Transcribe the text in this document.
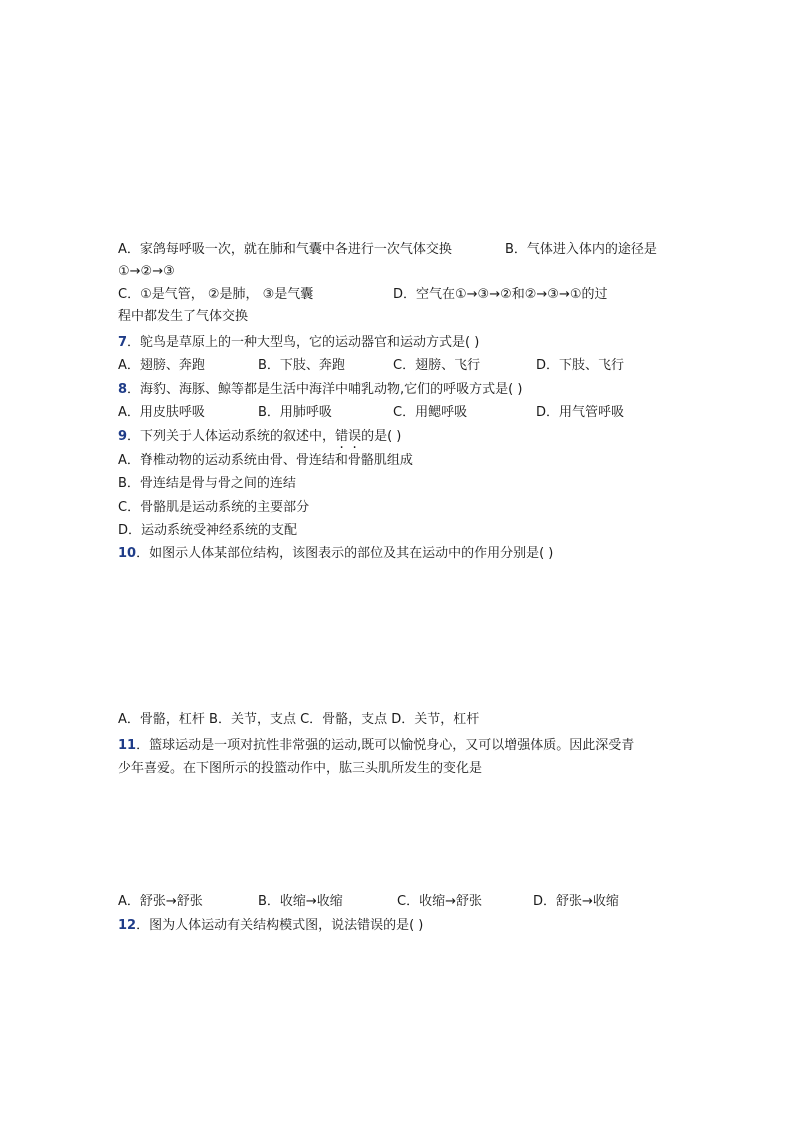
A．家鸽每呼吸一次，就在肺和气囊中各进行一次气体交换	B．气体进入体内的途径是
①→②→③
C．①是气管， ②是肺， ③是气囊	D．空气在①→③→②和②→③→①的过
程中都发生了气体交换
7．鸵鸟是草原上的一种大型鸟，它的运动器官和运动方式是( )
A．翅膀、奔跑	B．下肢、奔跑	C．翅膀、飞行	D．下肢、飞行
8．海豹、海豚、鲸等都是生活中海洋中哺乳动物,它们的呼吸方式是( )
A．用皮肤呼吸	B．用肺呼吸	C．用鳃呼吸	D．用气管呼吸
9．下列关于人体运动系统的叙述中，错误的是( )
A．脊椎动物的运动系统由骨、骨连结和骨骼肌组成
B．骨连结是骨与骨之间的连结
C．骨骼肌是运动系统的主要部分
D．运动系统受神经系统的支配
10．如图示人体某部位结构，该图表示的部位及其在运动中的作用分别是( )
A．骨骼，杠杆 B．关节，支点 C．骨骼，支点 D．关节，杠杆
11．篮球运动是一项对抗性非常强的运动,既可以愉悦身心，又可以增强体质。因此深受青
少年喜爱。在下图所示的投篮动作中，肱三头肌所发生的变化是
A．舒张→舒张	B．收缩→收缩	C．收缩→舒张	D．舒张→收缩
12．图为人体运动有关结构模式图，说法错误的是( )
